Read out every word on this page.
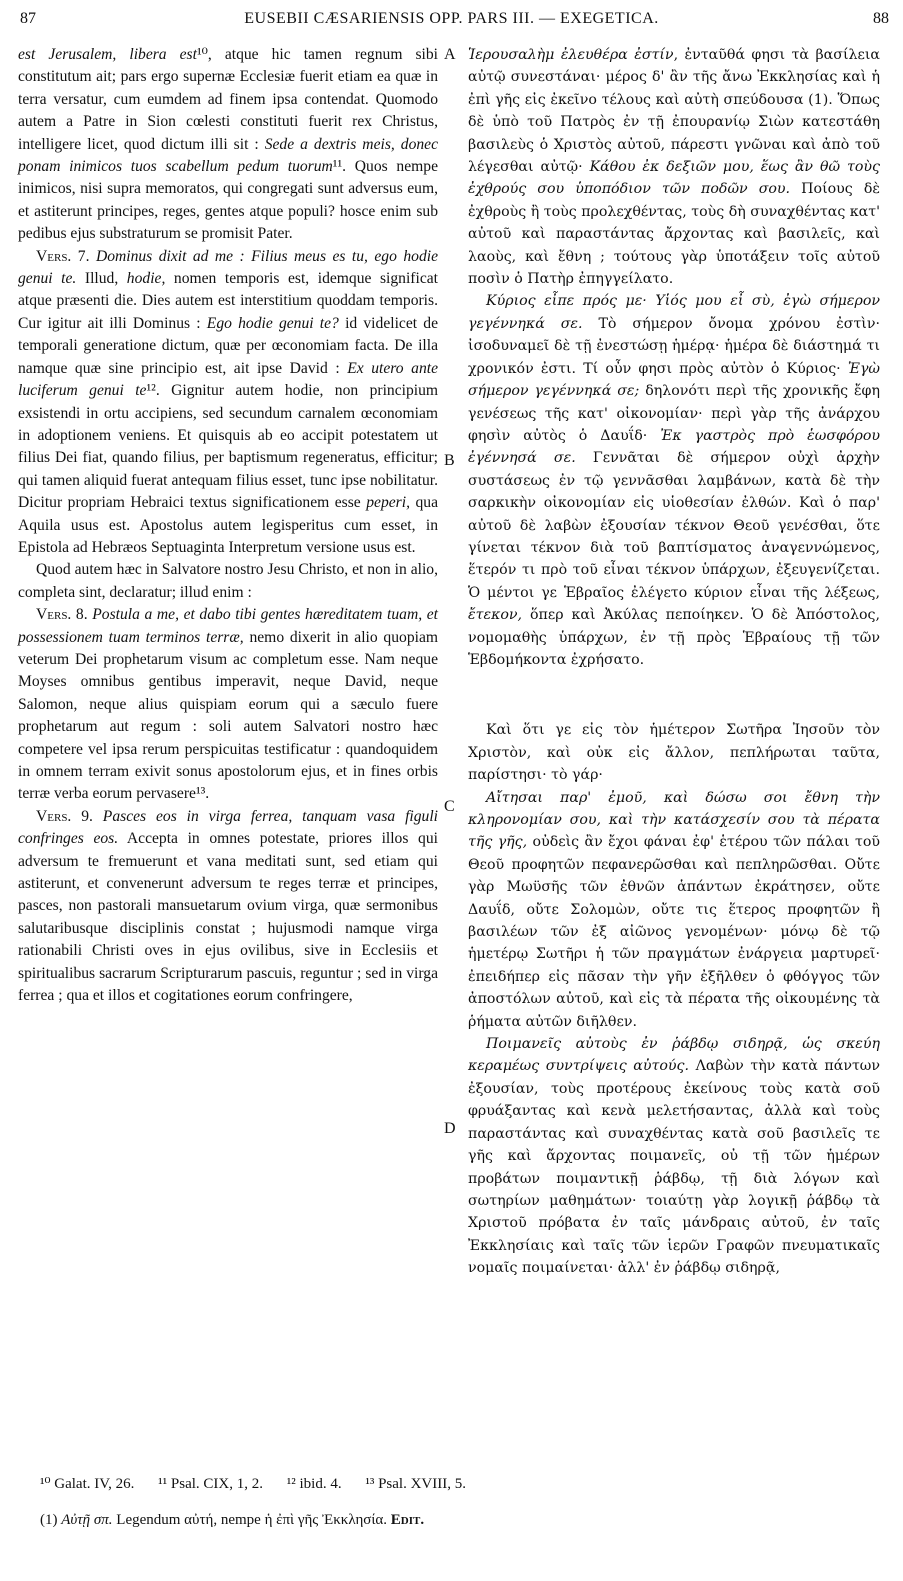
87	EUSEBII CÆSARIENSIS OPP. PARS III. — EXEGETICA.	88
A
B
C
D

est Jerusalem, libera est¹⁰, atque hic tamen regnum sibi constitutum ait; pars ergo supernæ Ecclesiæ fuerit etiam ea quæ in terra versatur, cum eumdem ad finem ipsa contendat. Quomodo autem a Patre in Sion cœlesti constituti fuerit rex Christus, intelligere licet, quod dictum illi sit : Sede a dextris meis, donec ponam inimicos tuos scabellum pedum tuorum¹¹. Quos nempe inimicos, nisi supra memoratos, qui congregati sunt adversus eum, et astiterunt principes, reges, gentes atque populi? hosce enim sub pedibus ejus substraturum se promisit Pater.

Vers. 7. Dominus dixit ad me : Filius meus es tu, ego hodie genui te. Illud, hodie, nomen temporis est, idemque significat atque præsenti die. Dies autem est interstitium quoddam temporis. Cur igitur ait illi Dominus : Ego hodie genui te? id videlicet de temporali generatione dictum, quæ per œconomiam facta. De illa namque quæ sine principio est, ait ipse David : Ex utero ante luciferum genui te¹². Gignitur autem hodie, non principium exsistendi in ortu accipiens, sed secundum carnalem œconomiam in adoptionem veniens. Et quisquis ab eo accipit potestatem ut filius Dei fiat, quando filius, per baptismum regeneratus, efficitur; qui tamen aliquid fuerat antequam filius esset, tunc ipse nobilitatur. Dicitur propriam Hebraici textus significationem esse peperi, qua Aquila usus est. Apostolus autem legisperitus cum esset, in Epistola ad Hebræos Septuaginta Interpretum versione usus est.

Quod autem hæc in Salvatore nostro Jesu Christo, et non in alio, completa sint, declaratur; illud enim :

Vers. 8. Postula a me, et dabo tibi gentes hæreditatem tuam, et possessionem tuam terminos terræ, nemo dixerit in alio quopiam veterum Dei prophetarum visum ac completum esse. Nam neque Moyses omnibus gentibus imperavit, neque David, neque Salomon, neque alius quispiam eorum qui a sæculo fuere prophetarum aut regum : soli autem Salvatori nostro hæc competere vel ipsa rerum perspicuitas testificatur : quandoquidem in omnem terram exivit sonus apostolorum ejus, et in fines orbis terræ verba eorum pervasere¹³.

Vers. 9. Pasces eos in virga ferrea, tanquam vasa figuli confringes eos. Accepta in omnes potestate, priores illos qui adversum te fremuerunt et vana meditati sunt, sed etiam qui astiterunt, et convenerunt adversum te reges terræ et principes, pasces, non pastorali mansuetarum ovium virga, quæ sermonibus salutaribusque disciplinis constat ; hujusmodi namque virga rationabili Christi oves in ejus ovilibus, sive in Ecclesiis et spiritualibus sacrarum Scripturarum pascuis, reguntur ; sed in virga ferrea ; qua et illos et cogitationes eorum confringere,

Ἱερουσαλὴμ ἐλευθέρα ἐστίν, ἐνταῦθά φησι τὰ βασίλεια αὐτῷ συνεστάναι· μέρος δ' ἂν τῆς ἄνω Ἐκκλησίας καὶ ἡ ἐπὶ γῆς εἰς ἐκεῖνο τέλους καὶ αὐτὴ σπεύδουσα (1). Ὅπως δὲ ὑπὸ τοῦ Πατρὸς ἐν τῇ ἐπουρανίῳ Σιὼν κατεστάθη βασιλεὺς ὁ Χριστὸς αὐτοῦ, πάρεστι γνῶναι καὶ ἀπὸ τοῦ λέγεσθαι αὐτῷ· Κάθου ἐκ δεξιῶν μου, ἕως ἂν θῶ τοὺς ἐχθρούς σου ὑποπόδιον τῶν ποδῶν σου. Ποίους δὲ ἐχθροὺς ἢ τοὺς προλεχθέντας, τοὺς δὴ συναχθέντας κατ' αὐτοῦ καὶ παραστάντας ἄρχοντας καὶ βασιλεῖς, καὶ λαοὺς, καὶ ἔθνη ; τούτους γὰρ ὑποτάξειν τοῖς αὐτοῦ ποσὶν ὁ Πατὴρ ἐπηγγείλατο.

Κύριος εἶπε πρός με· Υἱός μου εἶ σὺ, ἐγὼ σήμερον γεγέννηκά σε. Τὸ σήμερον ὄνομα χρόνου ἐστὶν· ἰσοδυναμεῖ δὲ τῇ ἐνεστώσῃ ἡμέρᾳ· ἡμέρα δὲ διάστημά τι χρονικόν ἐστι. Τί οὖν φησι πρὸς αὐτὸν ὁ Κύριος· Ἐγὼ σήμερον γεγέννηκά σε; δηλονότι περὶ τῆς χρονικῆς ἔφη γενέσεως τῆς κατ' οἰκονομίαν· περὶ γὰρ τῆς ἀνάρχου φησὶν αὐτὸς ὁ Δαυΐδ· Ἐκ γαστρὸς πρὸ ἑωσφόρου ἐγέννησά σε. Γεννᾶται δὲ σήμερον οὐχὶ ἀρχὴν συστάσεως ἐν τῷ γεννᾶσθαι λαμβάνων, κατὰ δὲ τὴν σαρκικὴν οἰκονομίαν εἰς υἱοθεσίαν ἐλθών. Καὶ ὁ παρ' αὐτοῦ δὲ λαβὼν ἐξουσίαν τέκνον Θεοῦ γενέσθαι, ὅτε γίνεται τέκνον διὰ τοῦ βαπτίσματος ἀναγεννώμενος, ἕτερόν τι πρὸ τοῦ εἶναι τέκνον ὑπάρχων, ἐξευγενίζεται. Ὁ μέντοι γε Ἑβραῖος ἐλέγετο κύριον εἶναι τῆς λέξεως, ἔτεκον, ὅπερ καὶ Ἀκύλας πεποίηκεν. Ὁ δὲ Ἀπόστολος, νομομαθὴς ὑπάρχων, ἐν τῇ πρὸς Ἑβραίους τῇ τῶν Ἑβδομήκοντα ἐχρήσατο.

Καὶ ὅτι γε εἰς τὸν ἡμέτερον Σωτῆρα Ἰησοῦν τὸν Χριστὸν, καὶ οὐκ εἰς ἄλλον, πεπλήρωται ταῦτα, παρίστησι· τὸ γάρ·

Αἴτησαι παρ' ἐμοῦ, καὶ δώσω σοι ἔθνη τὴν κληρονομίαν σου, καὶ τὴν κατάσχεσίν σου τὰ πέρατα τῆς γῆς, οὐδεὶς ἂν ἔχοι φάναι ἐφ' ἑτέρου τῶν πάλαι τοῦ Θεοῦ προφητῶν πεφανερῶσθαι καὶ πεπληρῶσθαι. Οὔτε γὰρ Μωϋσῆς τῶν ἐθνῶν ἁπάντων ἐκράτησεν, οὔτε Δαυΐδ, οὔτε Σολομὼν, οὔτε τις ἕτερος προφητῶν ἢ βασιλέων τῶν ἐξ αἰῶνος γενομένων· μόνῳ δὲ τῷ ἡμετέρῳ Σωτῆρι ἡ τῶν πραγμάτων ἐνάργεια μαρτυρεῖ· ἐπειδήπερ εἰς πᾶσαν τὴν γῆν ἐξῆλθεν ὁ φθόγγος τῶν ἀποστόλων αὐτοῦ, καὶ εἰς τὰ πέρατα τῆς οἰκουμένης τὰ ῥήματα αὐτῶν διῆλθεν.

Ποιμανεῖς αὐτοὺς ἐν ῥάβδῳ σιδηρᾷ, ὡς σκεύη κεραμέως συντρίψεις αὐτούς. Λαβὼν τὴν κατὰ πάντων ἐξουσίαν, τοὺς προτέρους ἐκείνους τοὺς κατὰ σοῦ φρυάξαντας καὶ κενὰ μελετήσαντας, ἀλλὰ καὶ τοὺς παραστάντας καὶ συναχθέντας κατὰ σοῦ βασιλεῖς τε γῆς καὶ ἄρχοντας ποιμανεῖς, οὐ τῇ τῶν ἡμέρων προβάτων ποιμαντικῇ ῥάβδῳ, τῇ διὰ λόγων καὶ σωτηρίων μαθημάτων· τοιαύτῃ γὰρ λογικῇ ῥάβδῳ τὰ Χριστοῦ πρόβατα ἐν ταῖς μάνδραις αὐτοῦ, ἐν ταῖς Ἐκκλησίαις καὶ ταῖς τῶν ἱερῶν Γραφῶν πνευματικαῖς νομαῖς ποιμαίνεται· ἀλλ' ἐν ῥάβδῳ σιδηρᾷ,

¹⁰ Galat. IV, 26. ¹¹ Psal. CIX, 1, 2. ¹² ibid. 4. ¹³ Psal. XVIII, 5.
(1) Αὐτῇ σπ. Legendum αὐτή, nempe ἡ ἐπὶ γῆς Ἐκκλησία. Edit.
